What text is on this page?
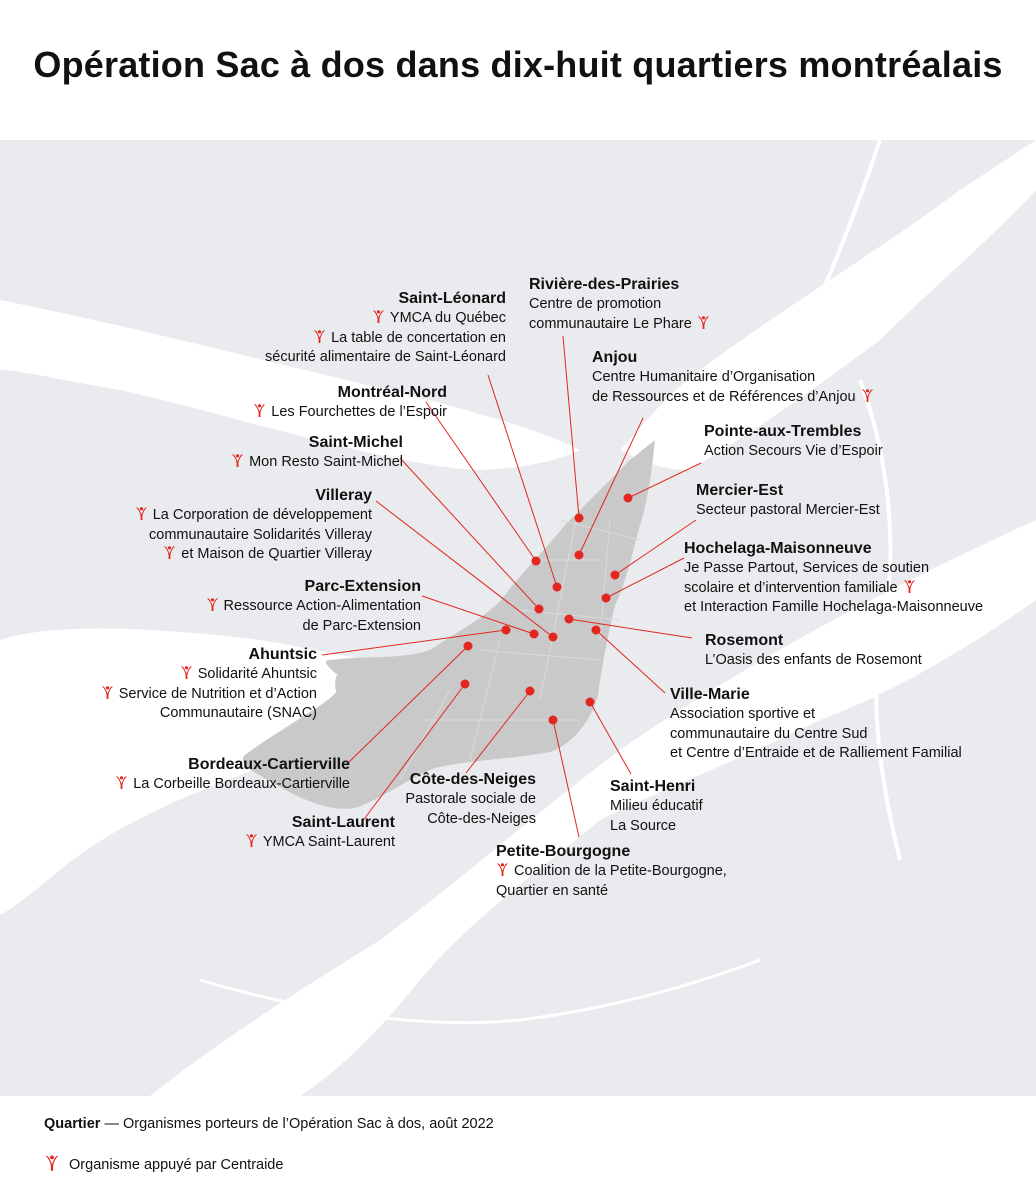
Opération Sac à dos dans dix-huit quartiers montréalais
Saint-Léonard
YMCA du Québec
La table de concertation en
sécurité alimentaire de Saint-Léonard
Rivière-des-Prairies
Centre de promotion
communautaire Le Phare
Anjou
Centre Humanitaire d’Organisation
de Ressources et de Références d’Anjou
Montréal-Nord
Les Fourchettes de l’Espoir
Saint-Michel
Mon Resto Saint-Michel
Pointe-aux-Trembles
Action Secours Vie d’Espoir
Villeray
La Corporation de développement
communautaire Solidarités Villeray
et Maison de Quartier Villeray
Mercier-Est
Secteur pastoral Mercier-Est
Hochelaga-Maisonneuve
Je Passe Partout, Services de soutien
scolaire et d’intervention familiale
et Interaction Famille Hochelaga-Maisonneuve
Parc-Extension
Ressource Action-Alimentation
de Parc-Extension
Rosemont
L’Oasis des enfants de Rosemont
Ahuntsic
Solidarité Ahuntsic
Service de Nutrition et d’Action
Communautaire (SNAC)
Ville-Marie
Association sportive et
communautaire du Centre Sud
et Centre d’Entraide et de Ralliement Familial
Bordeaux-Cartierville
La Corbeille Bordeaux-Cartierville	Côte-des-Neiges
Pastorale sociale de
Côte-des-Neiges
Saint-Henri
Milieu éducatif
La Source
Saint-Laurent
YMCA Saint-Laurent
Petite-Bourgogne
Coalition de la Petite-Bourgogne,
Quartier en santé
Quartier — Organismes porteurs de l’Opération Sac à dos, août 2022
Organisme appuyé par Centraide
